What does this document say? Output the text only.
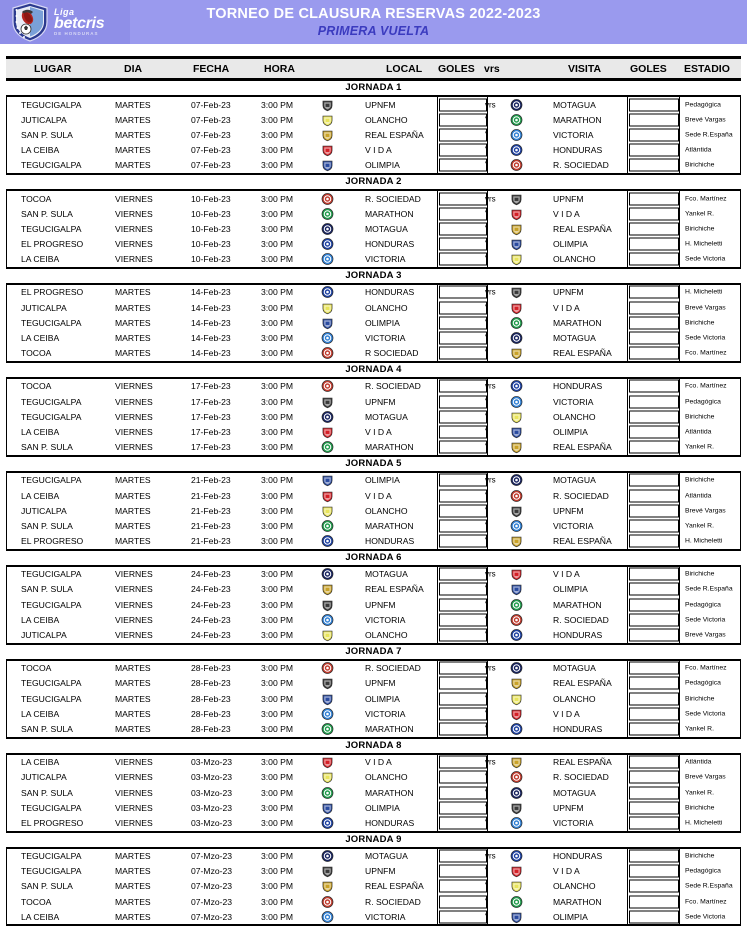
Liga
betcris
DE HONDURAS
TORNEO DE CLAUSURA RESERVAS 2022-2023
PRIMERA VUELTA
LUGAR	DIA	FECHA	HORA	LOCAL GOLES vrs	VISITA	GOLES ESTADIO
JORNADA 1
TEGUCIGALPA	MARTES	07-Feb-23	3:00 PM	UPNFM	vrs	MOTAGUA	Pedagógica
JUTICALPA	MARTES	07-Feb-23	3:00 PM	OLANCHO	"	MARATHON	Brevé Vargas
SAN P. SULA	MARTES	07-Feb-23	3:00 PM	REAL ESPAÑA	"	VICTORIA	Sede R.España
LA CEIBA	MARTES	07-Feb-23	3:00 PM	V I D A	"	HONDURAS	Atlántida
TEGUCIGALPA	MARTES	07-Feb-23	3:00 PM	OLIMPIA	"	R. SOCIEDAD	Birichiche
JORNADA 2
TOCOA	VIERNES	10-Feb-23	3:00 PM	R. SOCIEDAD	vrs	UPNFM	Fco. Martínez
SAN P. SULA	VIERNES	10-Feb-23	3:00 PM	MARATHON	"	V I D A	Yankel R.
TEGUCIGALPA	VIERNES	10-Feb-23	3:00 PM	MOTAGUA	"	REAL ESPAÑA	Birichiche
EL PROGRESO	VIERNES	10-Feb-23	3:00 PM	HONDURAS	"	OLIMPIA	H. Micheletti
LA CEIBA	VIERNES	10-Feb-23	3:00 PM	VICTORIA	"	OLANCHO	Sede Victoria
JORNADA 3
EL PROGRESO	MARTES	14-Feb-23	3:00 PM	HONDURAS	vrs	UPNFM	H. Micheletti
JUTICALPA	MARTES	14-Feb-23	3:00 PM	OLANCHO	"	V I D A	Brevé Vargas
TEGUCIGALPA	MARTES	14-Feb-23	3:00 PM	OLIMPIA	"	MARATHON	Birichiche
LA CEIBA	MARTES	14-Feb-23	3:00 PM	VICTORIA	"	MOTAGUA	Sede Victoria
TOCOA	MARTES	14-Feb-23	3:00 PM	R SOCIEDAD	"	REAL ESPAÑA	Fco. Martínez
JORNADA 4
TOCOA	VIERNES	17-Feb-23	3:00 PM	R. SOCIEDAD	vrs	HONDURAS	Fco. Martínez
TEGUCIGALPA	VIERNES	17-Feb-23	3:00 PM	UPNFM	"	VICTORIA	Pedagógica
TEGUCIGALPA	VIERNES	17-Feb-23	3:00 PM	MOTAGUA	"	OLANCHO	Birichiche
LA CEIBA	VIERNES	17-Feb-23	3:00 PM	V I D A	"	OLIMPIA	Atlántida
SAN P. SULA	VIERNES	17-Feb-23	3:00 PM	MARATHON	"	REAL ESPAÑA	Yankel R.
JORNADA 5
TEGUCIGALPA	MARTES	21-Feb-23	3:00 PM	OLIMPIA	vrs	MOTAGUA	Birichiche
LA CEIBA	MARTES	21-Feb-23	3:00 PM	V I D A	"	R. SOCIEDAD	Atlántida
JUTICALPA	MARTES	21-Feb-23	3:00 PM	OLANCHO	"	UPNFM	Brevé Vargas
SAN P. SULA	MARTES	21-Feb-23	3:00 PM	MARATHON	"	VICTORIA	Yankel R.
EL PROGRESO	MARTES	21-Feb-23	3:00 PM	HONDURAS	"	REAL ESPAÑA	H. Micheletti
JORNADA 6
TEGUCIGALPA	VIERNES	24-Feb-23	3:00 PM	MOTAGUA	vrs	V I D A	Birichiche
SAN P. SULA	VIERNES	24-Feb-23	3:00 PM	REAL ESPAÑA	"	OLIMPIA	Sede R.España
TEGUCIGALPA	VIERNES	24-Feb-23	3:00 PM	UPNFM	"	MARATHON	Pedagógica
LA CEIBA	VIERNES	24-Feb-23	3:00 PM	VICTORIA	"	R. SOCIEDAD	Sede Victoria
JUTICALPA	VIERNES	24-Feb-23	3:00 PM	OLANCHO	"	HONDURAS	Brevé Vargas
JORNADA 7
TOCOA	MARTES	28-Feb-23	3:00 PM	R. SOCIEDAD	vrs	MOTAGUA	Fco. Martínez
TEGUCIGALPA	MARTES	28-Feb-23	3:00 PM	UPNFM	"	REAL ESPAÑA	Pedagógica
TEGUCIGALPA	MARTES	28-Feb-23	3:00 PM	OLIMPIA	"	OLANCHO	Birichiche
LA CEIBA	MARTES	28-Feb-23	3:00 PM	VICTORIA	"	V I D A	Sede Victoria
SAN P. SULA	MARTES	28-Feb-23	3:00 PM	MARATHON	"	HONDURAS	Yankel R.
JORNADA 8
LA CEIBA	VIERNES	03-Mzo-23	3:00 PM	V I D A	vrs	REAL ESPAÑA	Atlántida
JUTICALPA	VIERNES	03-Mzo-23	3:00 PM	OLANCHO	"	R. SOCIEDAD	Brevé Vargas
SAN P. SULA	VIERNES	03-Mzo-23	3:00 PM	MARATHON	"	MOTAGUA	Yankel R.
TEGUCIGALPA	VIERNES	03-Mzo-23	3:00 PM	OLIMPIA	"	UPNFM	Birichiche
EL PROGRESO	VIERNES	03-Mzo-23	3:00 PM	HONDURAS	"	VICTORIA	H. Micheletti
JORNADA 9
TEGUCIGALPA	MARTES	07-Mzo-23	3:00 PM	MOTAGUA	vrs	HONDURAS	Birichiche
TEGUCIGALPA	MARTES	07-Mzo-23	3:00 PM	UPNFM	"	V I D A	Pedagógica
SAN P. SULA	MARTES	07-Mzo-23	3:00 PM	REAL ESPAÑA	"	OLANCHO	Sede R.España
TOCOA	MARTES	07-Mzo-23	3:00 PM	R. SOCIEDAD	"	MARATHON	Fco. Martínez
LA CEIBA	MARTES	07-Mzo-23	3:00 PM	VICTORIA	"	OLIMPIA	Sede Victoria
